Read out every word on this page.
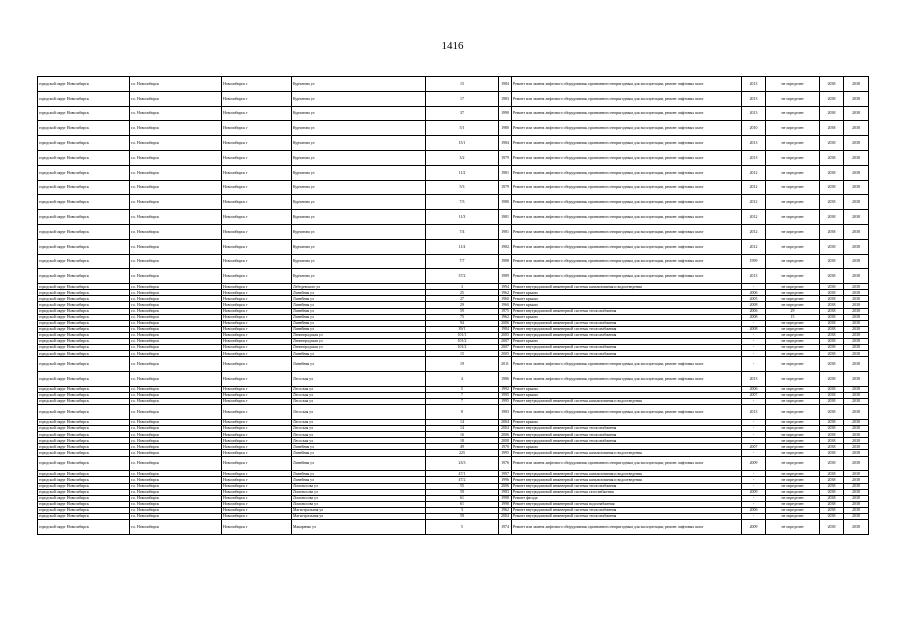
1416
городской округ Новосибирск	г.о. Новосибирск	Новосибирск г	Курчатова ул	15	1984	Ремонт или замена лифтового оборудования, признанного непригодным для эксплуатации, ремонт лифтовых шахт	2013	не определен	2038	2038
городской округ Новосибирск	г.о. Новосибирск	Новосибирск г	Курчатова ул	17	1983	Ремонт или замена лифтового оборудования, признанного непригодным для эксплуатации, ремонт лифтовых шахт	2013	не определен	2038	2038
городской округ Новосибирск	г.о. Новосибирск	Новосибирск г	Курчатова ул	37	1990	Ремонт или замена лифтового оборудования, признанного непригодным для эксплуатации, ремонт лифтовых шахт	2013	не определен	2038	2038
городской округ Новосибирск	г.о. Новосибирск	Новосибирск г	Курчатова ул	5/1	1980	Ремонт или замена лифтового оборудования, признанного непригодным для эксплуатации, ремонт лифтовых шахт	2010	не определен	2038	2038
городской округ Новосибирск	г.о. Новосибирск	Новосибирск г	Курчатова ул	15/1	1984	Ремонт или замена лифтового оборудования, признанного непригодным для эксплуатации, ремонт лифтовых шахт	2013	не определен	2038	2038
городской округ Новосибирск	г.о. Новосибирск	Новосибирск г	Курчатова ул	3/2	1979	Ремонт или замена лифтового оборудования, признанного непригодным для эксплуатации, ремонт лифтовых шахт	2013	не определен	2038	2038
городской округ Новосибирск	г.о. Новосибирск	Новосибирск г	Курчатова ул	11/2	1981	Ремонт или замена лифтового оборудования, признанного непригодным для эксплуатации, ремонт лифтовых шахт	2012	не определен	2038	2038
городской округ Новосибирск	г.о. Новосибирск	Новосибирск г	Курчатова ул	5/3	1979	Ремонт или замена лифтового оборудования, признанного непригодным для эксплуатации, ремонт лифтовых шахт	2012	не определен	2038	2038
городской округ Новосибирск	г.о. Новосибирск	Новосибирск г	Курчатова ул	7/3	1980	Ремонт или замена лифтового оборудования, признанного непригодным для эксплуатации, ремонт лифтовых шахт	2012	не определен	2038	2038
городской округ Новосибирск	г.о. Новосибирск	Новосибирск г	Курчатова ул	11/3	1981	Ремонт или замена лифтового оборудования, признанного непригодным для эксплуатации, ремонт лифтовых шахт	2012	не определен	2038	2038
городской округ Новосибирск	г.о. Новосибирск	Новосибирск г	Курчатова ул	7/4	1981	Ремонт или замена лифтового оборудования, признанного непригодным для эксплуатации, ремонт лифтовых шахт	2012	не определен	2038	2038
городской округ Новосибирск	г.о. Новосибирск	Новосибирск г	Курчатова ул	11/4	1982	Ремонт или замена лифтового оборудования, признанного непригодным для эксплуатации, ремонт лифтовых шахт	2012	не определен	2038	2038
городской округ Новосибирск	г.о. Новосибирск	Новосибирск г	Курчатова ул	7/7	1988	Ремонт или замена лифтового оборудования, признанного непригодным для эксплуатации, ремонт лифтовых шахт	1999	не определен	2038	2038
городской округ Новосибирск	г.о. Новосибирск	Новосибирск г	Курчатова ул	37/2	1989	Ремонт или замена лифтового оборудования, признанного непригодным для эксплуатации, ремонт лифтовых шахт	2013	не определен	2038	2038
городской округ Новосибирск	г.о. Новосибирск	Новосибирск г	Лебедевского ул	3	1994	Ремонт внутридомовой инженерной системы канализования и водоотведения	-	не определен	2038	2038
городской округ Новосибирск	г.о. Новосибирск	Новосибирск г	Линейная ул	25	1962	Ремонт крыши	2006	не определен	2038	2038
городской округ Новосибирск	г.о. Новосибирск	Новосибирск г	Линейная ул	27	1960	Ремонт крыши	2005	не определен	2038	2038
городской округ Новосибирск	г.о. Новосибирск	Новосибирск г	Линейная ул	29	1960	Ремонт крыши	2008	не определен	2038	2038
городской округ Новосибирск	г.о. Новосибирск	Новосибирск г	Линейная ул	59	1975	Ремонт внутридомовой инженерной системы теплоснабжения	2006	29	2038	2038
городской округ Новосибирск	г.о. Новосибирск	Новосибирск г	Линейная ул	75	1962	Ремонт крыши	2008	15	2038	2038
городской округ Новосибирск	г.о. Новосибирск	Новосибирск г	Линейная ул	94	2006	Ремонт внутридомовой инженерной системы теплоснабжения	-	не определен	2038	2038
городской округ Новосибирск	г.о. Новосибирск	Новосибирск г	Линейная ул	39/1	1984	Ремонт внутридомовой инженерной системы теплоснабжения	2008	не определен	2038	2038
городской округ Новосибирск	г.о. Новосибирск	Новосибирск г	Ленинградская ул	101/1	2005	Ремонт внутридомовой инженерной системы теплоснабжения	-	не определен	2038	2038
городской округ Новосибирск	г.о. Новосибирск	Новосибирск г	Ленинградская ул	101/2	2007	Ремонт крыши	-	не определен	2038	2038
городской округ Новосибирск	г.о. Новосибирск	Новосибирск г	Ленинградская ул	101/2	2007	Ремонт внутридомовой инженерной системы теплоснабжения	-	не определен	2038	2038
городской округ Новосибирск	г.о. Новосибирск	Новосибирск г	Линейная ул	15	2005	Ремонт внутридомовой инженерной системы теплоснабжения	-	не определен	2038	2038
городской округ Новосибирск	г.о. Новосибирск	Новосибирск г	Линейная ул	19	2011	Ремонт или замена лифтового оборудования, признанного непригодным для эксплуатации, ремонт лифтовых шахт	-	не определен	2038	2038
городской округ Новосибирск	г.о. Новосибирск	Новосибирск г	Лесоская ул	4	1986	Ремонт или замена лифтового оборудования, признанного непригодным для эксплуатации, ремонт лифтовых шахт	2013	не определен	2038	2038
городской округ Новосибирск	г.о. Новосибирск	Новосибирск г	Лесоская ул	5	1992	Ремонт крыши	2006	не определен	2038	2038
городской округ Новосибирск	г.о. Новосибирск	Новосибирск г	Лесоская ул	7	1995	Ремонт крыши	2007	не определен	2038	2038
городской округ Новосибирск	г.о. Новосибирск	Новосибирск г	Лесоская ул	7	1995	Ремонт внутридомовой инженерной системы канализования и водоотведения	-	не определен	2038	2038
городской округ Новосибирск	г.о. Новосибирск	Новосибирск г	Лесоская ул	8	1983	Ремонт или замена лифтового оборудования, признанного непригодным для эксплуатации, ремонт лифтовых шахт	2013	не определен	2038	2038
городской округ Новосибирск	г.о. Новосибирск	Новосибирск г	Лесоская ул	14	2004	Ремонт крыши	-	не определен	2038	2038
городской округ Новосибирск	г.о. Новосибирск	Новосибирск г	Лесоская ул	14	2004	Ремонт внутридомовой инженерной системы теплоснабжения	-	не определен	2038	2038
городской округ Новосибирск	г.о. Новосибирск	Новосибирск г	Лесоская ул	16	2006	Ремонт внутридомовой инженерной системы теплоснабжения	-	не определен	2038	2038
городской округ Новосибирск	г.о. Новосибирск	Новосибирск г	Лесоская ул	18	2008	Ремонт внутридомовой инженерной системы теплоснабжения	-	не определен	2038	2038
городской округ Новосибирск	г.о. Новосибирск	Новосибирск г	Линейная ул	49	1970	Ремонт крыши	2007	не определен	2038	2038
городской округ Новосибирск	г.о. Новосибирск	Новосибирск г	Линейная ул	225	1995	Ремонт внутридомовой инженерной системы канализования и водоотведения	-	не определен	2038	2038
городской округ Новосибирск	г.о. Новосибирск	Новосибирск г	Линейная ул	23/3	1976	Ремонт или замена лифтового оборудования, признанного непригодным для эксплуатации, ремонт лифтовых шахт	2009	не определен	2038	2038
городской округ Новосибирск	г.о. Новосибирск	Новосибирск г	Линейная ул	47/1	1997	Ремонт внутридомовой инженерной системы канализования и водоотведения	-	не определен	2038	2038
городской округ Новосибирск	г.о. Новосибирск	Новосибирск г	Линейная ул	47/2	1996	Ремонт внутридомовой инженерной системы канализования и водоотведения	-	не определен	2038	2038
городской округ Новосибирск	г.о. Новосибирск	Новосибирск г	Ломоносова ул	55	2006	Ремонт внутридомовой инженерной системы теплоснабжения	-	не определен	2038	2038
городской округ Новосибирск	г.о. Новосибирск	Новосибирск г	Ломоносова ул	59	1983	Ремонт внутридомовой инженерной системы газоснабжения	2009	не определен	2038	2038
городской округ Новосибирск	г.о. Новосибирск	Новосибирск г	Ломоносова ул	61	1998	Ремонт фасада	-	не определен	2038	2038
городской округ Новосибирск	г.о. Новосибирск	Новосибирск г	Ломоносова ул	61	1998	Ремонт внутридомовой инженерной системы водоснабжения	-	не определен	2038	2038
городской округ Новосибирск	г.о. Новосибирск	Новосибирск г	Магистральная ул	3	1962	Ремонт внутридомовой инженерной системы теплоснабжения	2006	не определен	2038	2038
городской округ Новосибирск	г.о. Новосибирск	Новосибирск г	Магистральная ул	59	2004	Ремонт внутридомовой инженерной системы теплоснабжения	-	не определен	2038	2038
городской округ Новосибирск	г.о. Новосибирск	Новосибирск г	Макаренко ул	5	1974	Ремонт или замена лифтового оборудования, признанного непригодным для эксплуатации, ремонт лифтовых шахт	2009	не определен	2038	2038
